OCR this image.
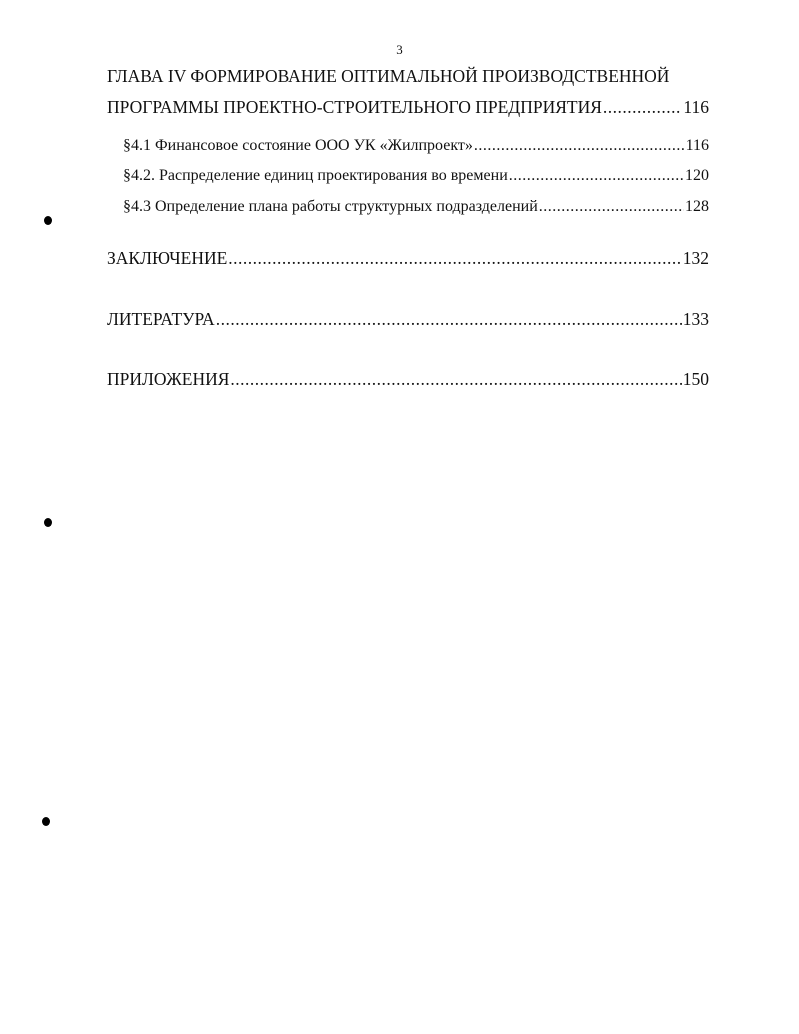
3
ГЛАВА IV ФОРМИРОВАНИЕ ОПТИМАЛЬНОЙ ПРОИЗВОДСТВЕННОЙ
ПРОГРАММЫ ПРОЕКТНО-СТРОИТЕЛЬНОГО ПРЕДПРИЯТИЯ .....	116
§4.1 Финансовое состояние ООО УК «Жилпроект» .....	116
§4.2. Распределение единиц проектирования во времени .....	120
§4.3 Определение плана работы структурных подразделений .....	128
ЗАКЛЮЧЕНИЕ .....	132
ЛИТЕРАТУРА .....	133
ПРИЛОЖЕНИЯ .....	150
